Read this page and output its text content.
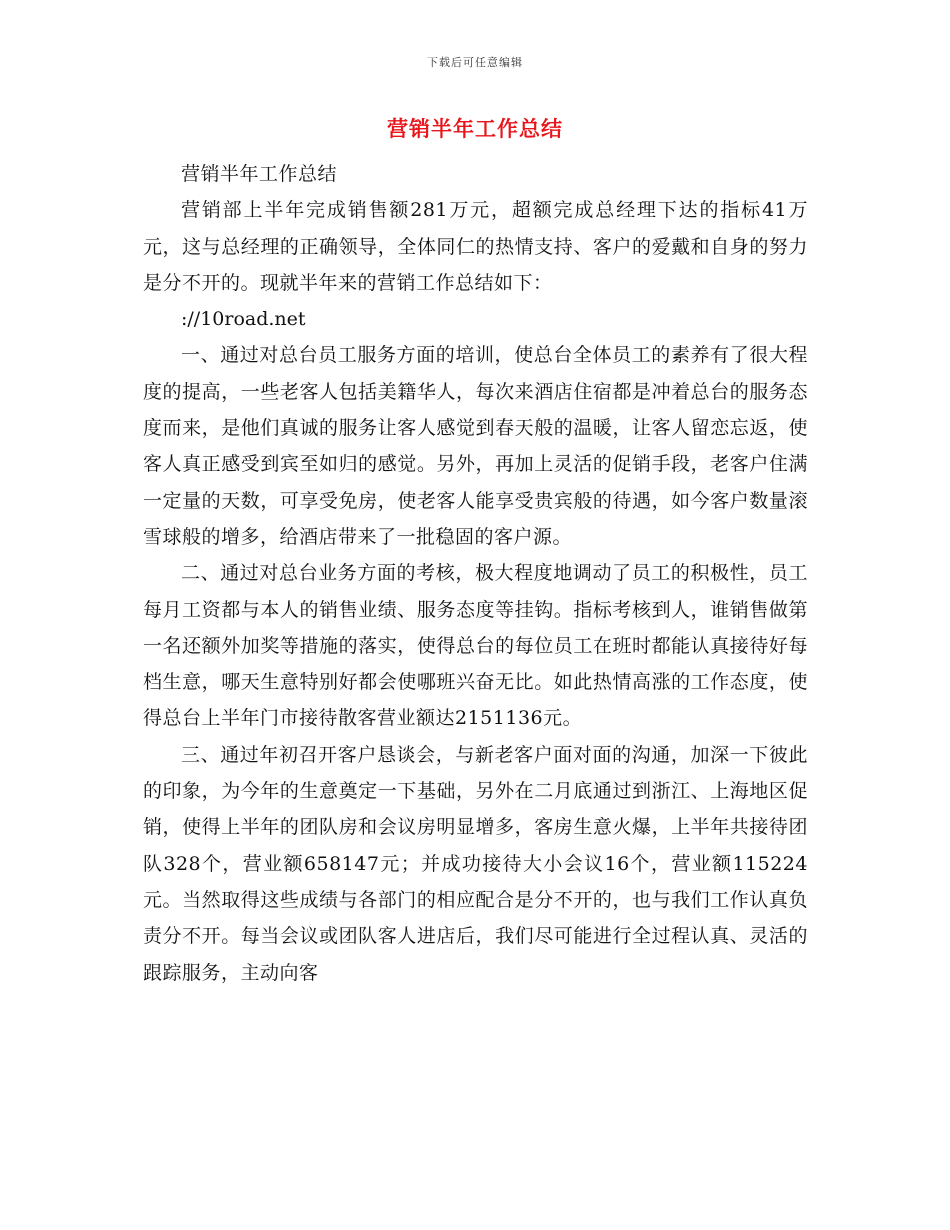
下载后可任意编辑
营销半年工作总结

营销半年工作总结

营销部上半年完成销售额281万元，超额完成总经理下达的指标41万元，这与总经理的正确领导，全体同仁的热情支持、客户的爱戴和自身的努力是分不开的。现就半年来的营销工作总结如下：

://10road.net

一、通过对总台员工服务方面的培训，使总台全体员工的素养有了很大程度的提高，一些老客人包括美籍华人，每次来酒店住宿都是冲着总台的服务态度而来，是他们真诚的服务让客人感觉到春天般的温暖，让客人留恋忘返，使客人真正感受到宾至如归的感觉。另外，再加上灵活的促销手段，老客户住满一定量的天数，可享受免房，使老客人能享受贵宾般的待遇，如今客户数量滚雪球般的增多，给酒店带来了一批稳固的客户源。

二、通过对总台业务方面的考核，极大程度地调动了员工的积极性，员工每月工资都与本人的销售业绩、服务态度等挂钩。指标考核到人，谁销售做第一名还额外加奖等措施的落实，使得总台的每位员工在班时都能认真接待好每档生意，哪天生意特别好都会使哪班兴奋无比。如此热情高涨的工作态度，使得总台上半年门市接待散客营业额达2151136元。

三、通过年初召开客户恳谈会，与新老客户面对面的沟通，加深一下彼此的印象，为今年的生意奠定一下基础，另外在二月底通过到浙江、上海地区促销，使得上半年的团队房和会议房明显增多，客房生意火爆，上半年共接待团队328个，营业额658147元；并成功接待大小会议16个，营业额115224元。当然取得这些成绩与各部门的相应配合是分不开的，也与我们工作认真负责分不开。每当会议或团队客人进店后，我们尽可能进行全过程认真、灵活的跟踪服务，主动向客
